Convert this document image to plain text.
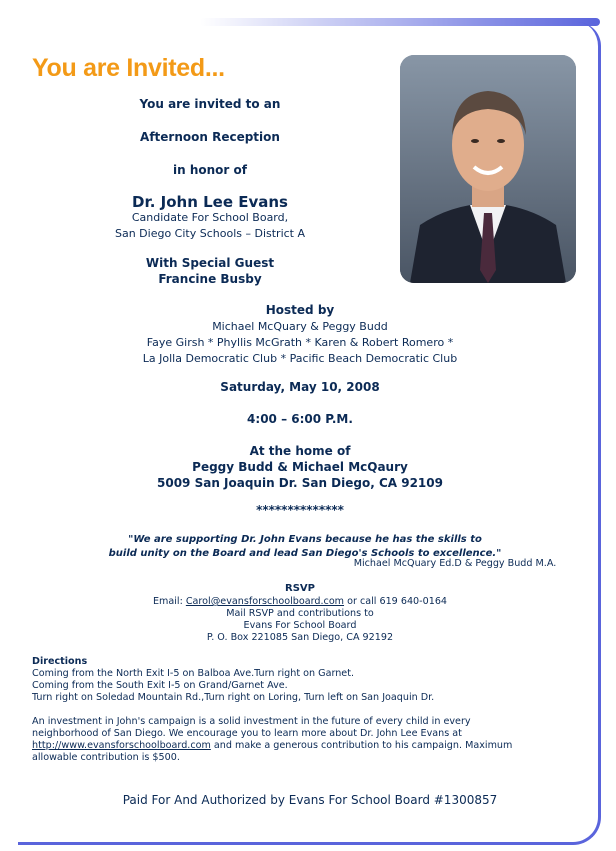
You are Invited...
You are invited to an
Afternoon Reception
in honor of
Dr. John Lee Evans
Candidate For School Board,
San Diego City Schools – District A
With Special Guest
Francine Busby
Hosted by
Michael McQuary & Peggy Budd
Faye Girsh * Phyllis McGrath * Karen & Robert Romero *
La Jolla Democratic Club * Pacific Beach Democratic Club
Saturday, May 10, 2008
4:00 – 6:00 P.M.
At the home of
Peggy Budd & Michael McQaury
5009 San Joaquin Dr. San Diego, CA 92109
**************
"We are supporting Dr. John Evans because he has the skills to
build unity on the Board and lead San Diego's Schools to excellence."
Michael McQuary Ed.D & Peggy Budd M.A.
RSVP
Email: Carol@evansforschoolboard.com or call 619 640-0164
Mail RSVP and contributions to
Evans For School Board
P. O. Box 221085 San Diego, CA 92192
Directions
Coming from the North Exit I-5 on Balboa Ave.Turn right on Garnet.
Coming from the South Exit I-5 on Grand/Garnet Ave.
Turn right on Soledad Mountain Rd.,Turn right on Loring, Turn left on San Joaquin Dr.
An investment in John's campaign is a solid investment in the future of every child in every
neighborhood of San Diego. We encourage you to learn more about Dr. John Lee Evans at
http://www.evansforschoolboard.com and make a generous contribution to his campaign. Maximum
allowable contribution is $500.
Paid For And Authorized by Evans For School Board #1300857
